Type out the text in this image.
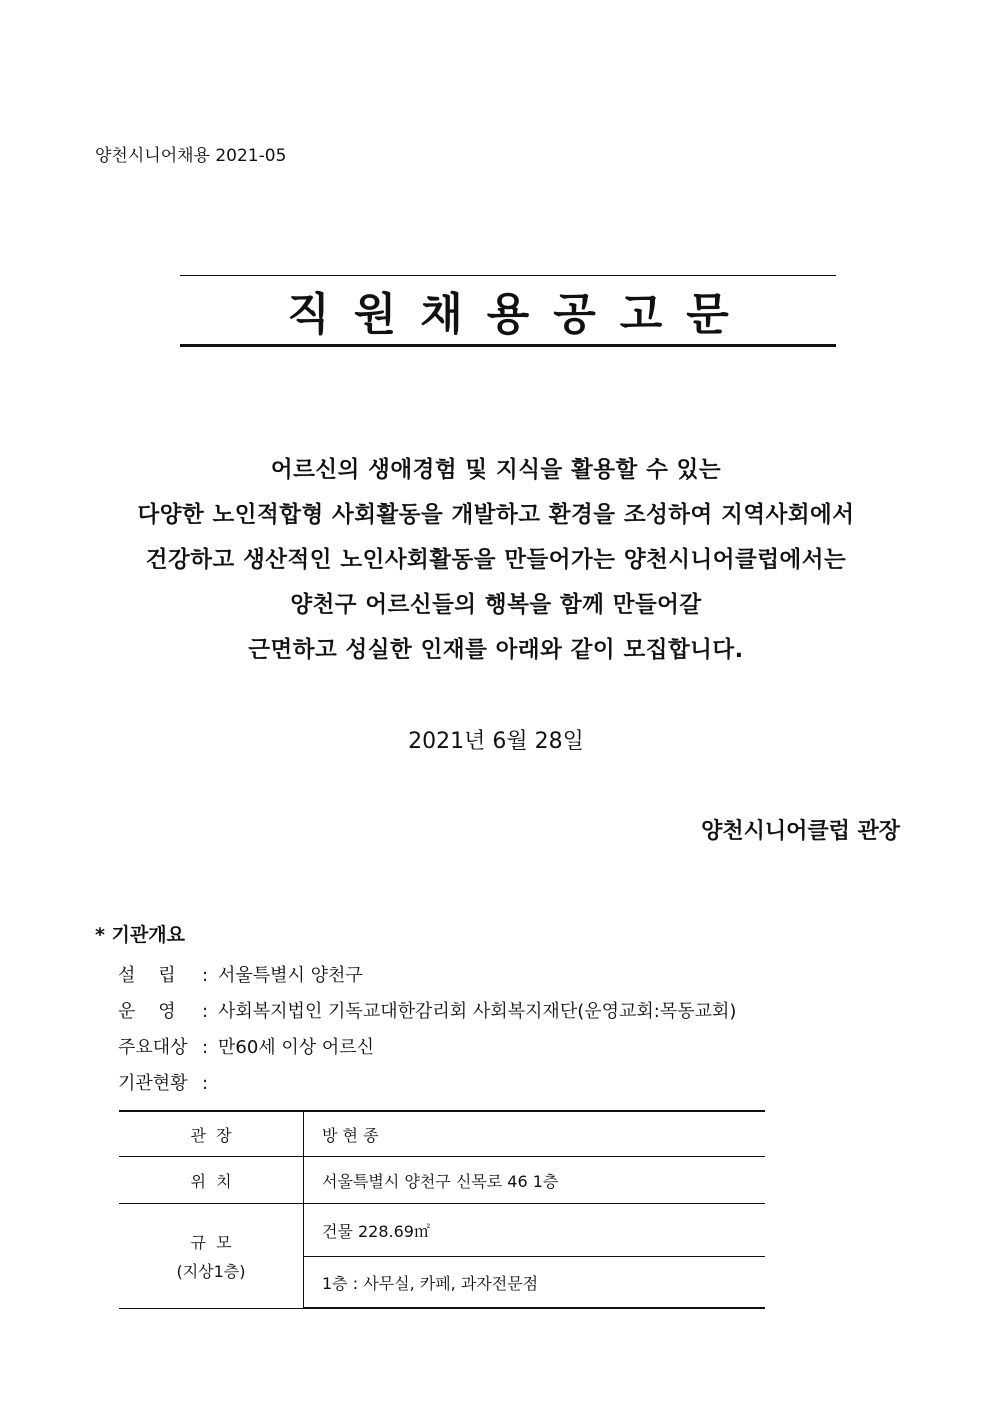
양천시니어채용 2021-05
직원채용공고문
어르신의 생애경험 및 지식을 활용할 수 있는
다양한 노인적합형 사회활동을 개발하고 환경을 조성하여 지역사회에서
건강하고 생산적인 노인사회활동을 만들어가는 양천시니어클럽에서는
양천구 어르신들의 행복을 함께 만들어갈
근면하고 성실한 인재를 아래와 같이 모집합니다.
2021년 6월 28일
양천시니어클럽 관장
* 기관개요
설    립 : 서울특별시 양천구
운    영 : 사회복지법인 기독교대한감리회 사회복지재단(운영교회:목동교회)
주요대상 : 만60세 이상 어르신
기관현황 :
관  장	방 현 종
위  치	서울특별시 양천구 신목로 46 1층
규  모
(지상1층)	건물 228.69㎡
	1층 : 사무실, 카페, 과자전문점
